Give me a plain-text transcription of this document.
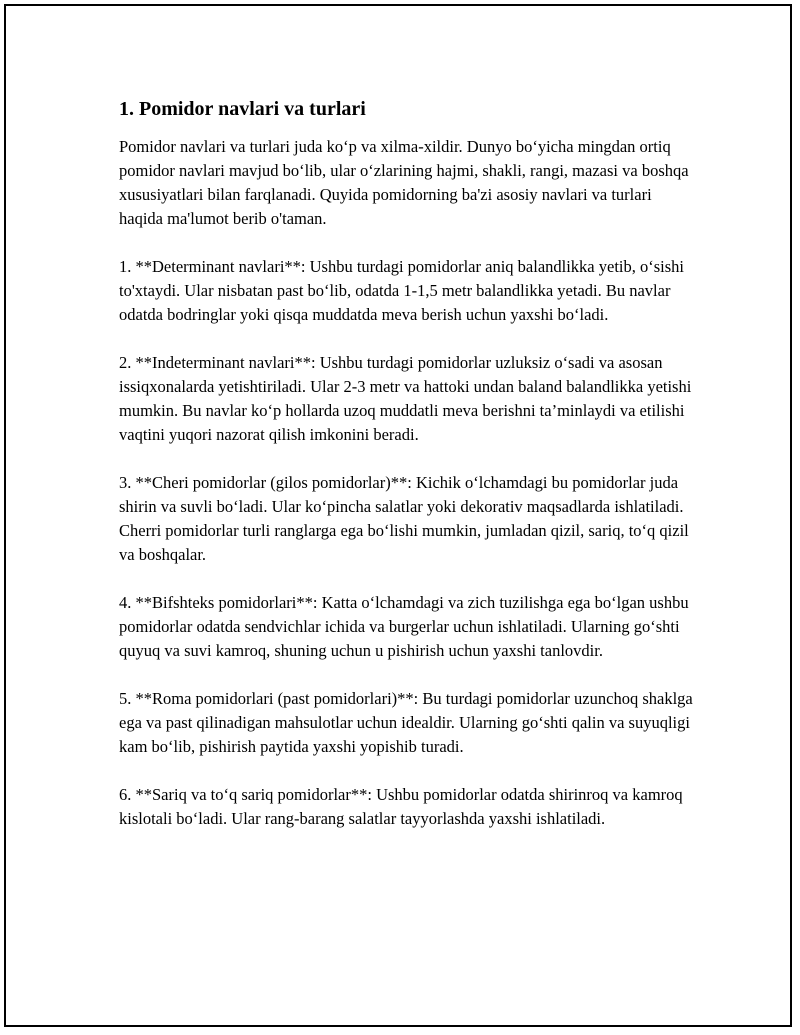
1. Pomidor navlari va turlari

Pomidor navlari va turlari juda ko‘p va xilma-xildir. Dunyo bo‘yicha mingdan ortiq pomidor navlari mavjud bo‘lib, ular o‘zlarining hajmi, shakli, rangi, mazasi va boshqa xususiyatlari bilan farqlanadi. Quyida pomidorning ba'zi asosiy navlari va turlari haqida ma'lumot berib o'taman.

1. **Determinant navlari**: Ushbu turdagi pomidorlar aniq balandlikka yetib, o‘sishi to'xtaydi. Ular nisbatan past bo‘lib, odatda 1-1,5 metr balandlikka yetadi. Bu navlar odatda bodringlar yoki qisqa muddatda meva berish uchun yaxshi bo‘ladi.

2. **Indeterminant navlari**: Ushbu turdagi pomidorlar uzluksiz o‘sadi va asosan issiqxonalarda yetishtiriladi. Ular 2-3 metr va hattoki undan baland balandlikka yetishi mumkin. Bu navlar ko‘p hollarda uzoq muddatli meva berishni ta’minlaydi va etilishi vaqtini yuqori nazorat qilish imkonini beradi.

3. **Cheri pomidorlar (gilos pomidorlar)**: Kichik o‘lchamdagi bu pomidorlar juda shirin va suvli bo‘ladi. Ular ko‘pincha salatlar yoki dekorativ maqsadlarda ishlatiladi. Cherri pomidorlar turli ranglarga ega bo‘lishi mumkin, jumladan qizil, sariq, to‘q qizil va boshqalar.

4. **Bifshteks pomidorlari**: Katta o‘lchamdagi va zich tuzilishga ega bo‘lgan ushbu pomidorlar odatda sendvichlar ichida va burgerlar uchun ishlatiladi. Ularning go‘shti quyuq va suvi kamroq, shuning uchun u pishirish uchun yaxshi tanlovdir.

5. **Roma pomidorlari (past pomidorlari)**: Bu turdagi pomidorlar uzunchoq shaklga ega va past qilinadigan mahsulotlar uchun idealdir. Ularning go‘shti qalin va suyuqligi kam bo‘lib, pishirish paytida yaxshi yopishib turadi.

6. **Sariq va to‘q sariq pomidorlar**: Ushbu pomidorlar odatda shirinroq va kamroq kislotali bo‘ladi. Ular rang-barang salatlar tayyorlashda yaxshi ishlatiladi.
